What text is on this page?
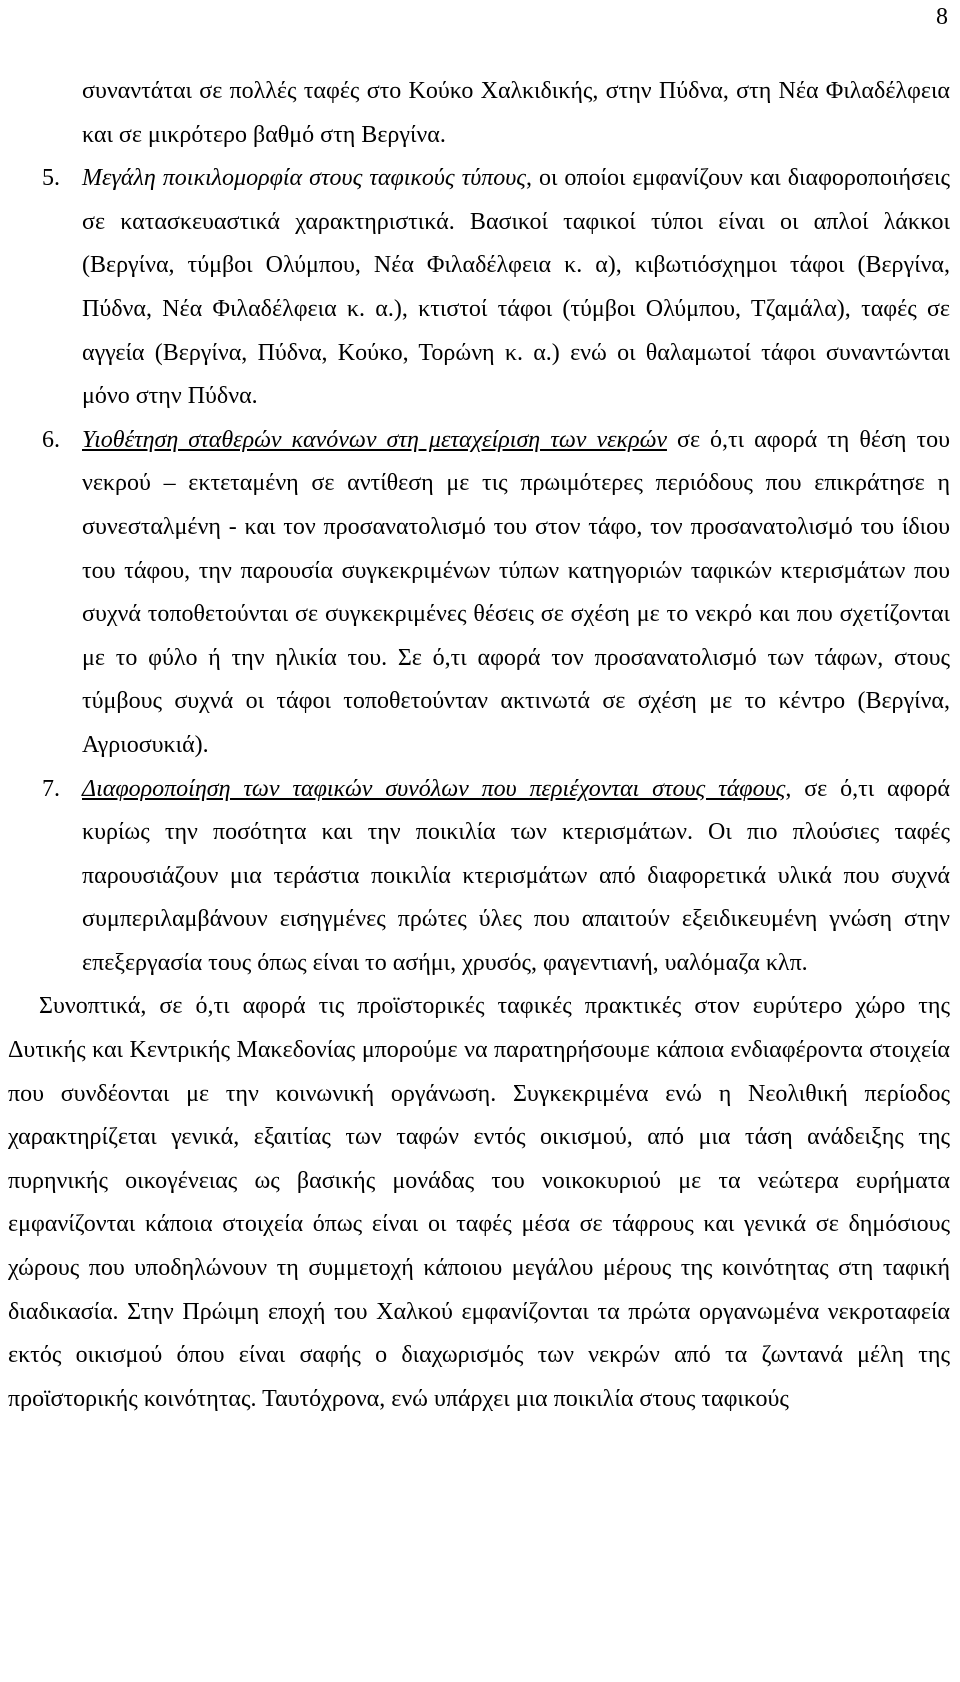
8

συναντάται σε πολλές ταφές στο Κούκο Χαλκιδικής, στην Πύδνα, στη Νέα Φιλαδέλφεια και σε μικρότερο βαθμό στη Βεργίνα.

5. Μεγάλη ποικιλομορφία στους ταφικούς τύπους, οι οποίοι εμφανίζουν και διαφοροποιήσεις σε κατασκευαστικά χαρακτηριστικά. Βασικοί ταφικοί τύποι είναι οι απλοί λάκκοι (Βεργίνα, τύμβοι Ολύμπου, Νέα Φιλαδέλφεια κ. α), κιβωτιόσχημοι τάφοι (Βεργίνα, Πύδνα, Νέα Φιλαδέλφεια κ. α.), κτιστοί τάφοι (τύμβοι Ολύμπου, Τζαμάλα), ταφές σε αγγεία (Βεργίνα, Πύδνα, Κούκο, Τορώνη κ. α.) ενώ οι θαλαμωτοί τάφοι συναντώνται μόνο στην Πύδνα.
6. Υιοθέτηση σταθερών κανόνων στη μεταχείριση των νεκρών σε ό,τι αφορά τη θέση του νεκρού – εκτεταμένη σε αντίθεση με τις πρωιμότερες περιόδους που επικράτησε η συνεσταλμένη - και τον προσανατολισμό του στον τάφο, τον προσανατολισμό του ίδιου του τάφου, την παρουσία συγκεκριμένων τύπων κατηγοριών ταφικών κτερισμάτων που συχνά τοποθετούνται σε συγκεκριμένες θέσεις σε σχέση με το νεκρό και που σχετίζονται με το φύλο ή την ηλικία του. Σε ό,τι αφορά τον προσανατολισμό των τάφων, στους τύμβους συχνά οι τάφοι τοποθετούνταν ακτινωτά σε σχέση με το κέντρο (Βεργίνα, Αγριοσυκιά).
7. Διαφοροποίηση των ταφικών συνόλων που περιέχονται στους τάφους, σε ό,τι αφορά κυρίως την ποσότητα και την ποικιλία των κτερισμάτων. Οι πιο πλούσιες ταφές παρουσιάζουν μια τεράστια ποικιλία κτερισμάτων από διαφορετικά υλικά που συχνά συμπεριλαμβάνουν εισηγμένες πρώτες ύλες που απαιτούν εξειδικευμένη γνώση στην επεξεργασία τους όπως είναι το ασήμι, χρυσός, φαγεντιανή, υαλόμαζα κλπ.

Συνοπτικά, σε ό,τι αφορά τις προϊστορικές ταφικές πρακτικές στον ευρύτερο χώρο της Δυτικής και Κεντρικής Μακεδονίας μπορούμε να παρατηρήσουμε κάποια ενδιαφέροντα στοιχεία που συνδέονται με την κοινωνική οργάνωση. Συγκεκριμένα ενώ η Νεολιθική περίοδος χαρακτηρίζεται γενικά, εξαιτίας των ταφών εντός οικισμού, από μια τάση ανάδειξης της πυρηνικής οικογένειας ως βασικής μονάδας του νοικοκυριού με τα νεώτερα ευρήματα εμφανίζονται κάποια στοιχεία όπως είναι οι ταφές μέσα σε τάφρους και γενικά σε δημόσιους χώρους που υποδηλώνουν τη συμμετοχή κάποιου μεγάλου μέρους της κοινότητας στη ταφική διαδικασία. Στην Πρώιμη εποχή του Χαλκού εμφανίζονται τα πρώτα οργανωμένα νεκροταφεία εκτός οικισμού όπου είναι σαφής ο διαχωρισμός των νεκρών από τα ζωντανά μέλη της προϊστορικής κοινότητας. Ταυτόχρονα, ενώ υπάρχει μια ποικιλία στους ταφικούς
